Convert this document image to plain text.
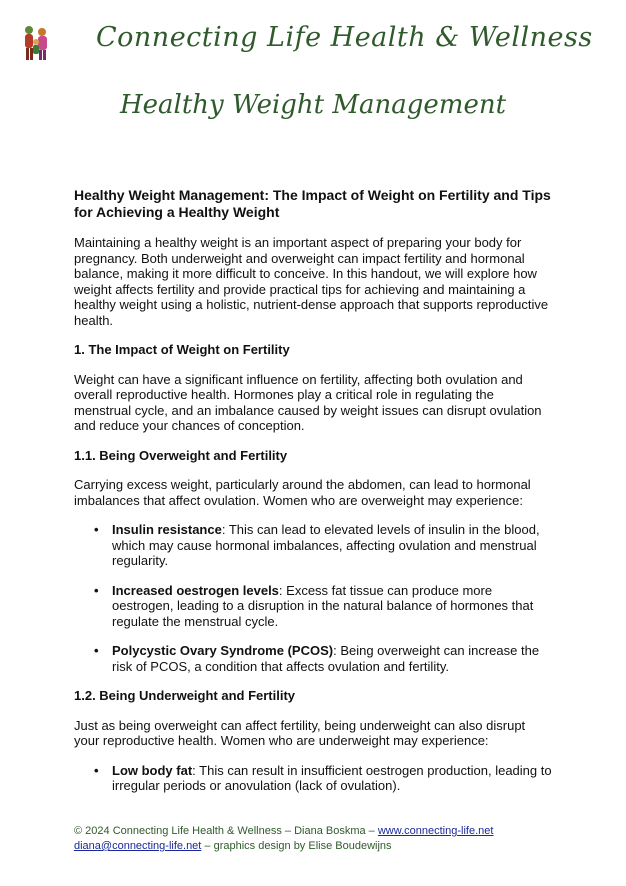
Connecting Life Health & Wellness
Healthy Weight Management
Healthy Weight Management: The Impact of Weight on Fertility and Tips for Achieving a Healthy Weight

Maintaining a healthy weight is an important aspect of preparing your body for pregnancy. Both underweight and overweight can impact fertility and hormonal balance, making it more difficult to conceive. In this handout, we will explore how weight affects fertility and provide practical tips for achieving and maintaining a healthy weight using a holistic, nutrient-dense approach that supports reproductive health.

1. The Impact of Weight on Fertility

Weight can have a significant influence on fertility, affecting both ovulation and overall reproductive health. Hormones play a critical role in regulating the menstrual cycle, and an imbalance caused by weight issues can disrupt ovulation and reduce your chances of conception.

1.1. Being Overweight and Fertility

Carrying excess weight, particularly around the abdomen, can lead to hormonal imbalances that affect ovulation. Women who are overweight may experience:

• Insulin resistance: This can lead to elevated levels of insulin in the blood, which may cause hormonal imbalances, affecting ovulation and menstrual regularity.
• Increased oestrogen levels: Excess fat tissue can produce more oestrogen, leading to a disruption in the natural balance of hormones that regulate the menstrual cycle.
• Polycystic Ovary Syndrome (PCOS): Being overweight can increase the risk of PCOS, a condition that affects ovulation and fertility.
1.2. Being Underweight and Fertility

Just as being overweight can affect fertility, being underweight can also disrupt your reproductive health. Women who are underweight may experience:

• Low body fat: This can result in insufficient oestrogen production, leading to irregular periods or anovulation (lack of ovulation).
© 2024 Connecting Life Health & Wellness – Diana Boskma – www.connecting-life.net
diana@connecting-life.net – graphics design by Elise Boudewijns
